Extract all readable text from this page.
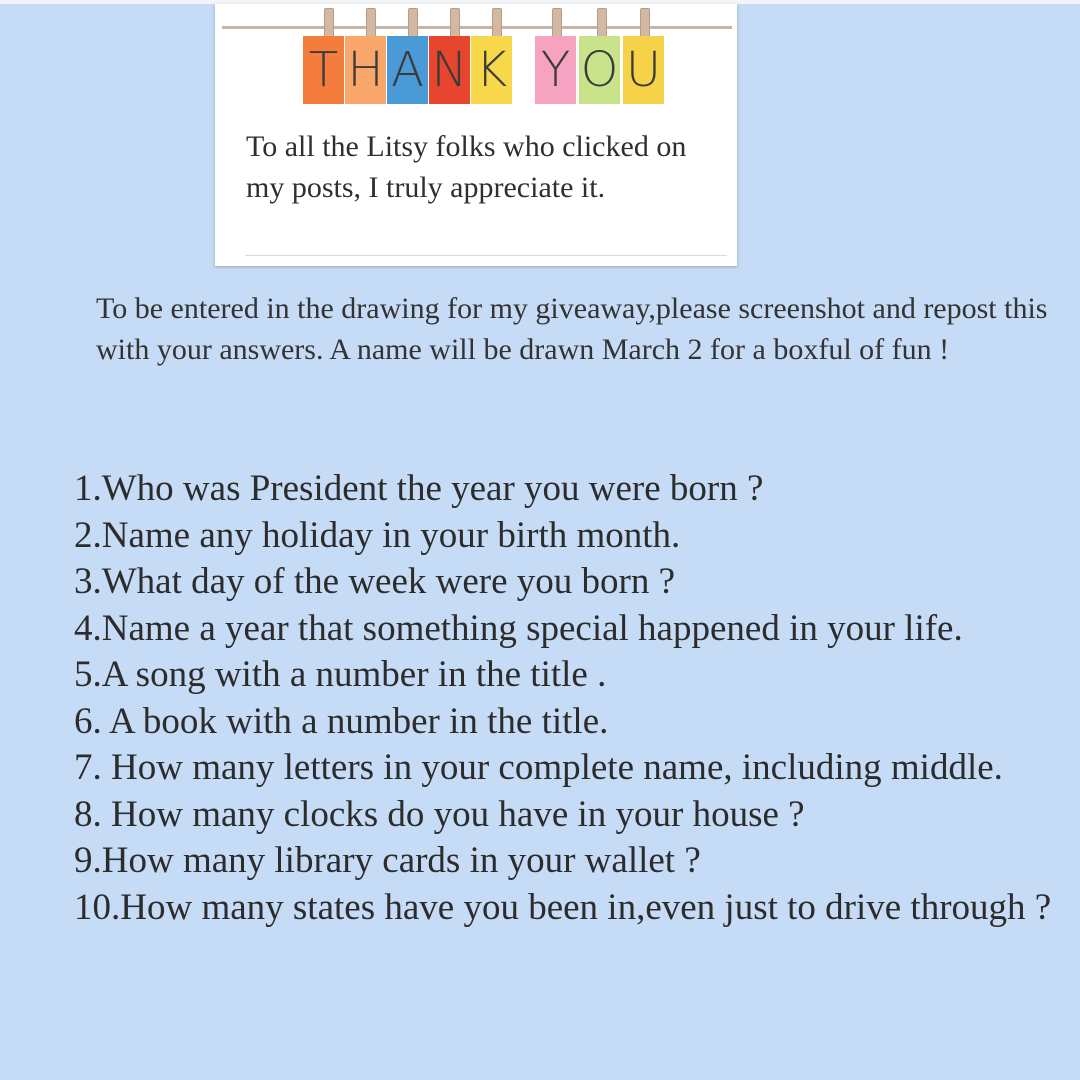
T H A N K Y O U

To all the Litsy folks who clicked on my posts, I truly appreciate it.

To be entered in the drawing for my giveaway,please screenshot and repost this with your answers. A name will be drawn March 2 for a boxful of fun !

1.Who was President the year you were born ?
2.Name any holiday in your birth month.
3.What day of the week were you born ?
4.Name a year that something special happened in your life.
5.A song with a number in the title .
6. A book with a number in the title.
7. How many letters in your complete name, including middle.
8. How many clocks do you have in your house ?
9.How many library cards in your wallet ?
10.How many states have you been in,even just to drive through ?
